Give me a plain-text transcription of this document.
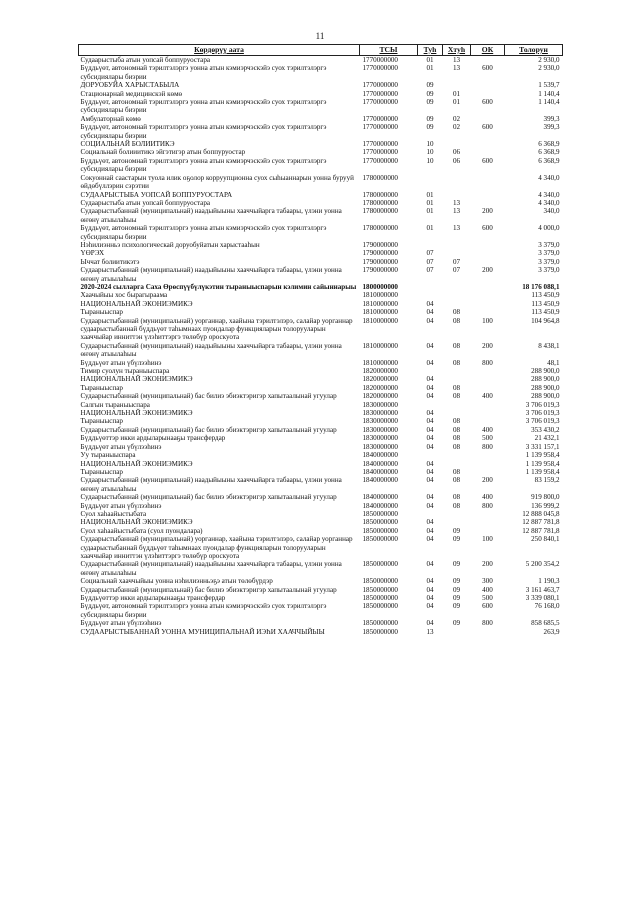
11
Көрдөрүү аата	ТСЫ	Туh	Хтуh	ОК	Толорун
Судаарыстыба атын уопсай боппуруостара	1770000000	01	13		2 930,0
Бүддьүөт, автономнай тэрилтэлэргэ уонна атын кэмиэрчэскэйэ суох тэрилтэлэргэ субсидиялары биэрии	1770000000	01	13	600	2 930,0
ДОРУОБУЙА ХАРЫСТАБЫЛА	1770000000	09			1 539,7
Стационарнай медицинскэй көмө	1770000000	09	01		1 140,4
Бүддьүөт, автономнай тэрилтэлэргэ уонна атын кэмиэрчэскэйэ суох тэрилтэлэргэ субсидиялары биэрии	1770000000	09	01	600	1 140,4
Амбулаторнай көмө	1770000000	09	02		399,3
Бүддьүөт, автономнай тэрилтэлэргэ уонна атын кэмиэрчэскэйэ суох тэрилтэлэргэ субсидиялары биэрии	1770000000	09	02	600	399,3
СОЦИАЛЬНАЙ БОЛИИТИКЭ	1770000000	10			6 368,9
Социальнай болииитикэ эйгэтигэр атын боппуруостар	1770000000	10	06		6 368,9
Бүддьүөт, автономнай тэрилтэлэргэ уонна атын кэмиэрчэскэйэ суох тэрилтэлэргэ субсидиялары биэрии	1770000000	10	06	600	6 368,9
Сокуоннай саастарын туола илик оҕолор корруупционна суох сыһыаннарын уонна бурууй өйдөбүллэрин сэрэтии	1780000000				4 340,0
СУДААРЫСТЫБА УОПСАЙ БОППУРУОСТАРА	1780000000	01			4 340,0
Судаарыстыба атын уопсай боппуруостара	1780000000	01	13		4 340,0
Судаарыстыбаннай (муниципальнай) наадыйыыны хааччыйарга табаары, үлэни уонна өҥөнү атыылаһыы	1780000000	01	13	200	340,0
Бүддьүөт, автономнай тэрилтэлэргэ уонна атын кэмиэрчэскэйэ суох тэрилтэлэргэ субсидиялары биэрии	1780000000	01	13	600	4 000,0
Нэһилиэнньэ психологическай доруобуйатын харыстааһын	1790000000				3 379,0
ҮӨРЭХ	1790000000	07			3 379,0
Ыччат болиитикэтэ	1790000000	07	07		3 379,0
Судаарыстыбаннай (муниципальнай) наадыйыыны хааччыйарга табаары, үлэни уонна өҥөнү атыылаһыы	1790000000	07	07	200	3 379,0
2020-2024 сылларга Саха Өрөспүүбүлүкэтин тыраныыспарын кэлимин сайыннарыы	1800000000				18 176 088,1
Хаачыйыы хос бырагыраама	1810000000				113 450,9
НАЦИОНАЛЬНАЙ ЭКОНИЭМИКЭ	1810000000	04			113 450,9
Тыраныыспар	1810000000	04	08		113 450,9
Судаарыстыбаннай (муниципальнай) уорганнар, хаайына тэрилтэлэрэ, салайар уорганнар судаарыстыбаннай бүддьүөт таһымнаах пуондалар функцияларын толорууларын хааччыйар инниттэн үлэһиттэргэ төлөбүр ороскуота	1810000000	04	08	100	104 964,8
Судаарыстыбаннай (муниципальнай) наадыйыыны хааччыйарга табаары, үлэни уонна өҥөнү атыылаһыы	1810000000	04	08	200	8 438,1
Бүддьүөт атын үбүлээһинэ	1810000000	04	08	800	48,1
Тимир суолун тыраныыспара	1820000000				288 900,0
НАЦИОНАЛЬНАЙ ЭКОНИЭМИКЭ	1820000000	04			288 900,0
Тыраныыспар	1820000000	04	08		288 900,0
Судаарыстыбаннай (муниципальнай) бас билиэ эбиэктэригэр хапытаалынай угуулар	1820000000	04	08	400	288 900,0
Салгын тыраныыспара	1830000000				3 706 019,3
НАЦИОНАЛЬНАЙ ЭКОНИЭМИКЭ	1830000000	04			3 706 019,3
Тыраныыспар	1830000000	04	08		3 706 019,3
Судаарыстыбаннай (муниципальнай) бас билиэ эбиэктэригэр хапытаалынай угуулар	1830000000	04	08	400	353 430,2
Бүддьүөттэр икки ардыларынааҕы трансфердар	1830000000	04	08	500	21 432,1
Бүддьүөт атын үбүлээһинэ	1830000000	04	08	800	3 331 157,1
Уу тыраныыспара	1840000000				1 139 958,4
НАЦИОНАЛЬНАЙ ЭКОНИЭМИКЭ	1840000000	04			1 139 958,4
Тыраныыспар	1840000000	04	08		1 139 958,4
Судаарыстыбаннай (муниципальнай) наадыйыыны хааччыйарга табаары, үлэни уонна өҥөнү атыылаһыы	1840000000	04	08	200	83 159,2
Судаарыстыбаннай (муниципальнай) бас билиэ эбиэктэригэр хапытаалынай угуулар	1840000000	04	08	400	919 800,0
Бүддьүөт атын үбүлээһинэ	1840000000	04	08	800	136 999,2
Суол хаһаайыстыбата	1850000000				12 888 045,8
НАЦИОНАЛЬНАЙ ЭКОНИЭМИКЭ	1850000000	04			12 887 781,8
Суол хаһаайыстыбата (суол пуондалара)	1850000000	04	09		12 887 781,8
Судаарыстыбаннай (муниципальнай) уорганнар, хаайына тэрилтэлэрэ, салайар уорганнар судаарыстыбаннай бүддьүөт таһымнаах пуондалар функцияларын толорууларын хааччыйар инниттэн үлэһиттэргэ төлөбүр ороскуота	1850000000	04	09	100	250 840,1
Судаарыстыбаннай (муниципальнай) наадыйыыны хааччыйарга табаары, үлэни уонна өҥөнү атыылаһыы	1850000000	04	09	200	5 200 354,2
Социальнай хааччыйыы уонна нэһилиэнньэҕэ атын төлөбүрдэр	1850000000	04	09	300	1 190,3
Судаарыстыбаннай (муниципальнай) бас билиэ эбиэктэригэр хапытаалынай угуулар	1850000000	04	09	400	3 161 463,7
Бүддьүөттэр икки ардыларынааҕы трансфердар	1850000000	04	09	500	3 339 080,1
Бүддьүөт, автономнай тэрилтэлэргэ уонна атын кэмиэрчэскэйэ суох тэрилтэлэргэ субсидиялары биэрии	1850000000	04	09	600	76 168,0
Бүддьүөт атын үбүлээһинэ	1850000000	04	09	800	858 685,5
СУДААРЫСТЫБАННАЙ УОННА МУНИЦИПАЛЬНАЙ ИЭҺИ ХААЧЧЫЙЫЫ	1850000000	13			263,9
